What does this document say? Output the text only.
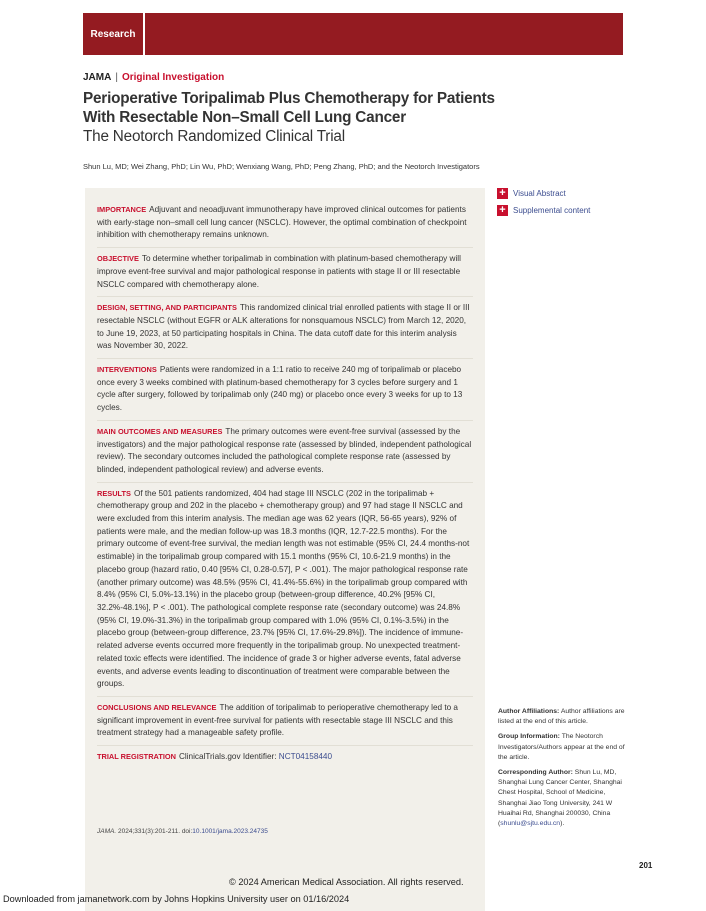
Research
JAMA | Original Investigation
Perioperative Toripalimab Plus Chemotherapy for Patients
With Resectable Non–Small Cell Lung Cancer
The Neotorch Randomized Clinical Trial
Shun Lu, MD; Wei Zhang, PhD; Lin Wu, PhD; Wenxiang Wang, PhD; Peng Zhang, PhD; and the Neotorch Investigators
+ Visual Abstract
+ Supplemental content
IMPORTANCE Adjuvant and neoadjuvant immunotherapy have improved clinical outcomes for patients with early-stage non–small cell lung cancer (NSCLC). However, the optimal combination of checkpoint inhibition with chemotherapy remains unknown.
OBJECTIVE To determine whether toripalimab in combination with platinum-based chemotherapy will improve event-free survival and major pathological response in patients with stage II or III resectable NSCLC compared with chemotherapy alone.
DESIGN, SETTING, AND PARTICIPANTS This randomized clinical trial enrolled patients with stage II or III resectable NSCLC (without EGFR or ALK alterations for nonsquamous NSCLC) from March 12, 2020, to June 19, 2023, at 50 participating hospitals in China. The data cutoff date for this interim analysis was November 30, 2022.
INTERVENTIONS Patients were randomized in a 1:1 ratio to receive 240 mg of toripalimab or placebo once every 3 weeks combined with platinum-based chemotherapy for 3 cycles before surgery and 1 cycle after surgery, followed by toripalimab only (240 mg) or placebo once every 3 weeks for up to 13 cycles.
MAIN OUTCOMES AND MEASURES The primary outcomes were event-free survival (assessed by the investigators) and the major pathological response rate (assessed by blinded, independent pathological review). The secondary outcomes included the pathological complete response rate (assessed by blinded, independent pathological review) and adverse events.
RESULTS Of the 501 patients randomized, 404 had stage III NSCLC (202 in the toripalimab + chemotherapy group and 202 in the placebo + chemotherapy group) and 97 had stage II NSCLC and were excluded from this interim analysis. The median age was 62 years (IQR, 56-65 years), 92% of patients were male, and the median follow-up was 18.3 months (IQR, 12.7-22.5 months). For the primary outcome of event-free survival, the median length was not estimable (95% CI, 24.4 months-not estimable) in the toripalimab group compared with 15.1 months (95% CI, 10.6-21.9 months) in the placebo group (hazard ratio, 0.40 [95% CI, 0.28-0.57], P < .001). The major pathological response rate (another primary outcome) was 48.5% (95% CI, 41.4%-55.6%) in the toripalimab group compared with 8.4% (95% CI, 5.0%-13.1%) in the placebo group (between-group difference, 40.2% [95% CI, 32.2%-48.1%], P < .001). The pathological complete response rate (secondary outcome) was 24.8% (95% CI, 19.0%-31.3%) in the toripalimab group compared with 1.0% (95% CI, 0.1%-3.5%) in the placebo group (between-group difference, 23.7% [95% CI, 17.6%-29.8%]). The incidence of immune-related adverse events occurred more frequently in the toripalimab group. No unexpected treatment-related toxic effects were identified. The incidence of grade 3 or higher adverse events, fatal adverse events, and adverse events leading to discontinuation of treatment were comparable between the groups.
CONCLUSIONS AND RELEVANCE The addition of toripalimab to perioperative chemotherapy led to a significant improvement in event-free survival for patients with resectable stage III NSCLC and this treatment strategy had a manageable safety profile.
TRIAL REGISTRATION ClinicalTrials.gov Identifier: NCT04158440
JAMA. 2024;331(3):201-211. doi:10.1001/jama.2023.24735

Author Affiliations: Author affiliations are listed at the end of this article.

Group Information: The Neotorch Investigators/Authors appear at the end of the article.

Corresponding Author: Shun Lu, MD, Shanghai Lung Cancer Center, Shanghai Chest Hospital, School of Medicine, Shanghai Jiao Tong University, 241 W Huaihai Rd, Shanghai 200030, China (shunlu@sjtu.edu.cn).

201
© 2024 American Medical Association. All rights reserved.
Downloaded from jamanetwork.com by Johns Hopkins University user on 01/16/2024
